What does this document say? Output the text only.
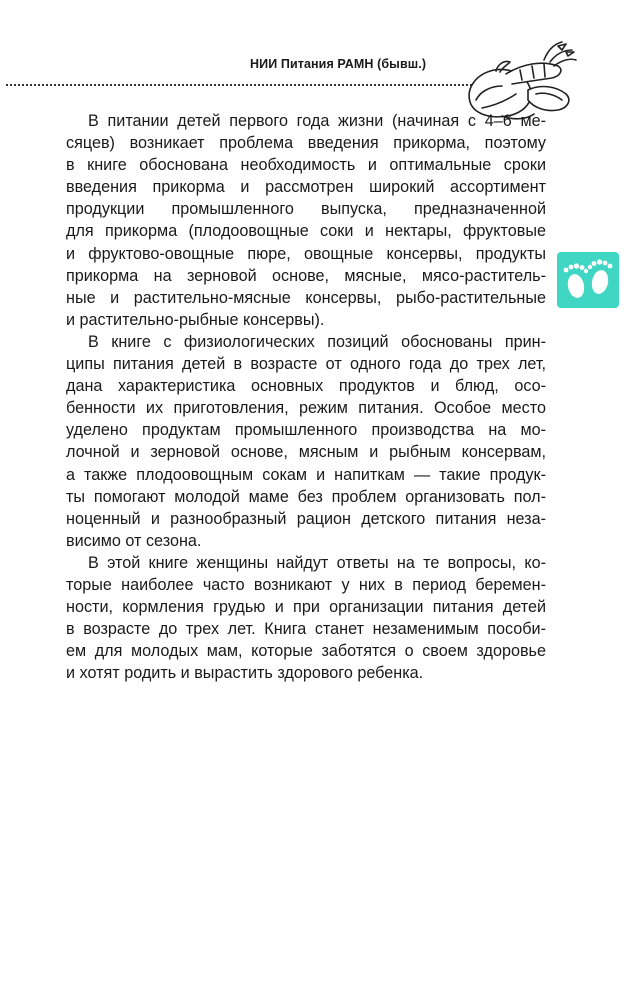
НИИ Питания РАМН (бывш.)

В питании детей первого года жизни (начиная с 4–6 ме-
сяцев) возникает проблема введения прикорма, поэтому
в книге обоснована необходимость и оптимальные сроки
введения прикорма и рассмотрен широкий ассортимент
продукции промышленного выпуска, предназначенной
для прикорма (плодоовощные соки и нектары, фруктовые
и фруктово-овощные пюре, овощные консервы, продукты
прикорма на зерновой основе, мясные, мясо-раститель-
ные и растительно-мясные консервы, рыбо-растительные
и растительно-рыбные консервы).

В книге с физиологических позиций обоснованы прин-
ципы питания детей в возрасте от одного года до трех лет,
дана характеристика основных продуктов и блюд, осо-
бенности их приготовления, режим питания. Особое место
уделено продуктам промышленного производства на мо-
лочной и зерновой основе, мясным и рыбным консервам,
а также плодоовощным сокам и напиткам — такие продук-
ты помогают молодой маме без проблем организовать пол-
ноценный и разнообразный рацион детского питания неза-
висимо от сезона.

В этой книге женщины найдут ответы на те вопросы, ко-
торые наиболее часто возникают у них в период беремен-
ности, кормления грудью и при организации питания детей
в возрасте до трех лет. Книга станет незаменимым пособи-
ем для молодых мам, которые заботятся о своем здоровье
и хотят родить и вырастить здорового ребенка.
